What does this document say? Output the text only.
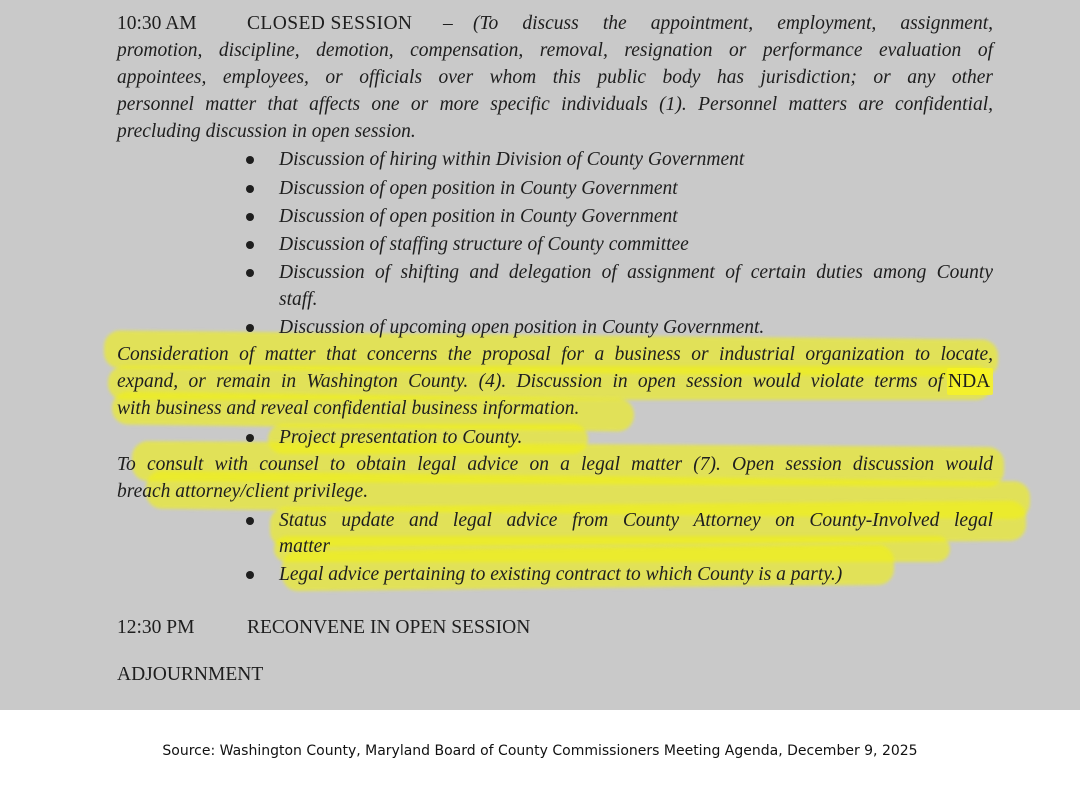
10:30 AM	CLOSED SESSION – (To discuss the appointment, employment, assignment,
promotion, discipline, demotion, compensation, removal, resignation or performance evaluation of
appointees, employees, or officials over whom this public body has jurisdiction; or any other
personnel matter that affects one or more specific individuals (1). Personnel matters are confidential,
precluding discussion in open session.
Discussion of hiring within Division of County Government
Discussion of open position in County Government
Discussion of open position in County Government
Discussion of staffing structure of County committee
Discussion of shifting and delegation of assignment of certain duties among County
staff.
Discussion of upcoming open position in County Government.
Consideration of matter that concerns the proposal for a business or industrial organization to locate,
expand, or remain in Washington County. (4). Discussion in open session would violate terms of NDA
with business and reveal confidential business information.
Project presentation to County.
To consult with counsel to obtain legal advice on a legal matter (7). Open session discussion would
breach attorney/client privilege.
Status update and legal advice from County Attorney on County-Involved legal
matter
Legal advice pertaining to existing contract to which County is a party.)
12:30 PM	RECONVENE IN OPEN SESSION
ADJOURNMENT
Source: Washington County, Maryland Board of County Commissioners Meeting Agenda, December 9, 2025
